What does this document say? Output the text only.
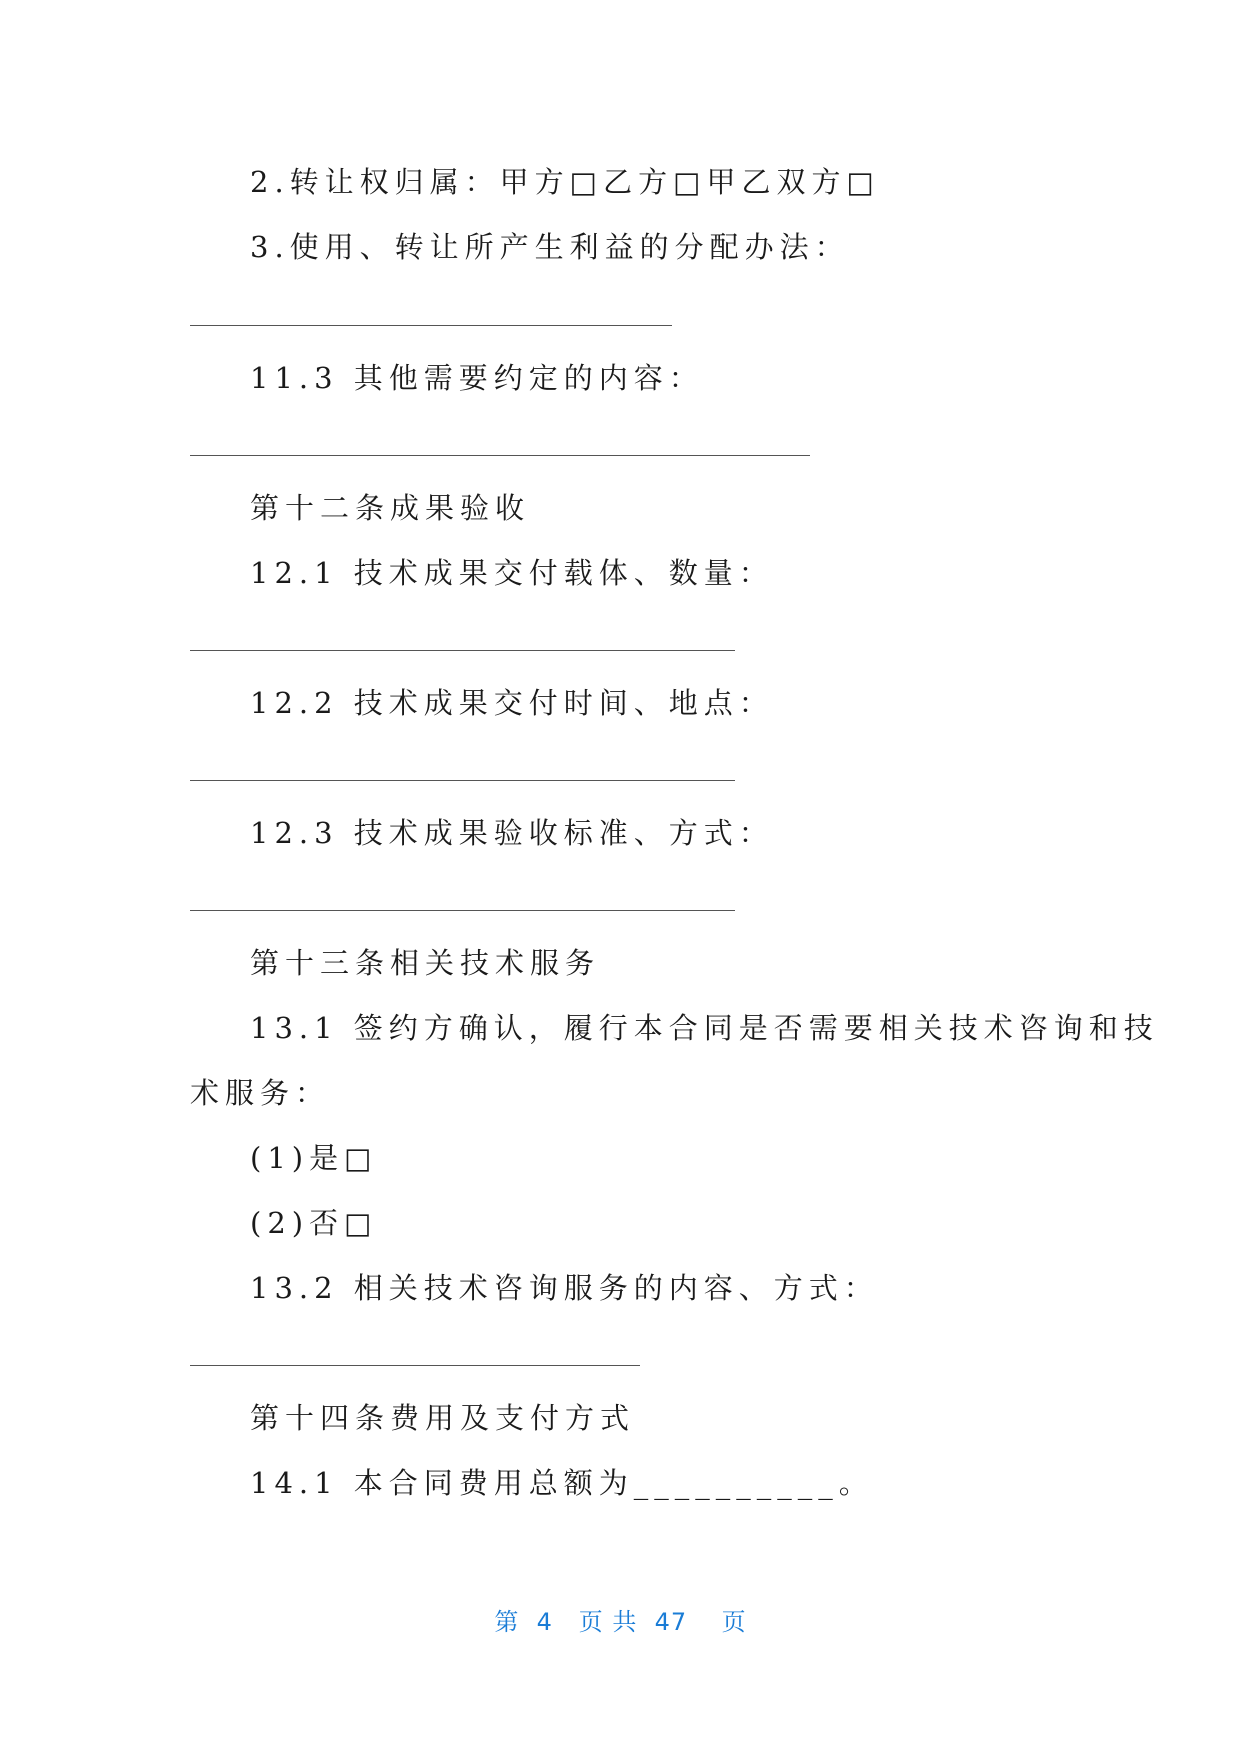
2.转让权归属：甲方□乙方□甲乙双方□
3.使用、转让所产生利益的分配办法：
11.3 其他需要约定的内容：
第十二条成果验收
12.1 技术成果交付载体、数量：
12.2 技术成果交付时间、地点：
12.3 技术成果验收标准、方式：
第十三条相关技术服务
13.1 签约方确认，履行本合同是否需要相关技术咨询和技
术服务：
(1)是□
(2)否□
13.2 相关技术咨询服务的内容、方式：
第十四条费用及支付方式
14.1 本合同费用总额为__________。
第  4   页 共  47    页
